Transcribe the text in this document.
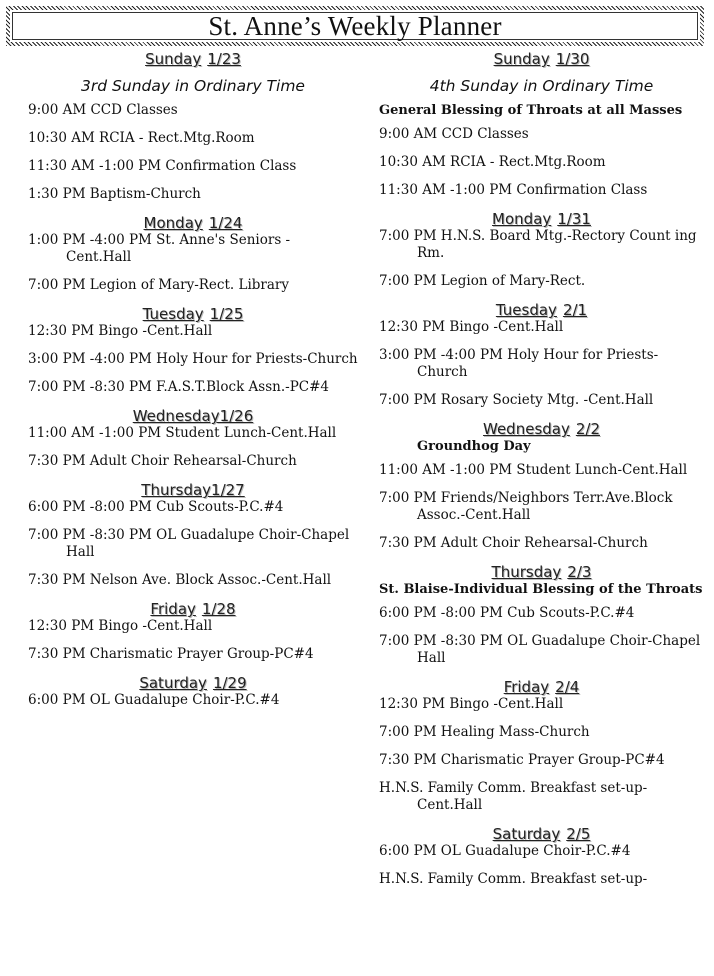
St. Anne’s Weekly Planner
Sunday 1/23
3rd Sunday in Ordinary Time
9:00 AM CCD Classes
10:30 AM RCIA - Rect.Mtg.Room
11:30 AM -1:00 PM Confirmation Class
1:30 PM Baptism-Church
Monday 1/24
1:00 PM -4:00 PM St. Anne's Seniors - Cent.Hall
7:00 PM Legion of Mary-Rect. Library
Tuesday 1/25
12:30 PM Bingo -Cent.Hall
3:00 PM -4:00 PM Holy Hour for Priests-Church
7:00 PM -8:30 PM F.A.S.T.Block Assn.-PC#4
Wednesday1/26
11:00 AM -1:00 PM Student Lunch-Cent.Hall
7:30 PM Adult Choir Rehearsal-Church
Thursday1/27
6:00 PM -8:00 PM Cub Scouts-P.C.#4
7:00 PM -8:30 PM OL Guadalupe Choir-Chapel Hall
7:30 PM Nelson Ave. Block Assoc.-Cent.Hall
Friday 1/28
12:30 PM Bingo -Cent.Hall
7:30 PM Charismatic Prayer Group-PC#4
Saturday 1/29
6:00 PM OL Guadalupe Choir-P.C.#4
Sunday 1/30
4th Sunday in Ordinary Time
General Blessing of Throats at all Masses
9:00 AM CCD Classes
10:30 AM RCIA - Rect.Mtg.Room
11:30 AM -1:00 PM Confirmation Class
Monday 1/31
7:00 PM H.N.S. Board Mtg.-Rectory Count ing Rm.
7:00 PM Legion of Mary-Rect.
Tuesday 2/1
12:30 PM Bingo -Cent.Hall
3:00 PM -4:00 PM Holy Hour for Priests-Church
7:00 PM Rosary Society Mtg. -Cent.Hall
Wednesday 2/2
Groundhog Day
11:00 AM -1:00 PM Student Lunch-Cent.Hall
7:00 PM Friends/Neighbors Terr.Ave.Block Assoc.-Cent.Hall
7:30 PM Adult Choir Rehearsal-Church
Thursday 2/3
St. Blaise-Individual Blessing of the Throats
6:00 PM -8:00 PM Cub Scouts-P.C.#4
7:00 PM -8:30 PM OL Guadalupe Choir-Chapel Hall
Friday 2/4
12:30 PM Bingo -Cent.Hall
7:00 PM Healing Mass-Church
7:30 PM Charismatic Prayer Group-PC#4
H.N.S. Family Comm. Breakfast set-up-Cent.Hall
Saturday 2/5
6:00 PM OL Guadalupe Choir-P.C.#4
H.N.S. Family Comm. Breakfast set-up-
